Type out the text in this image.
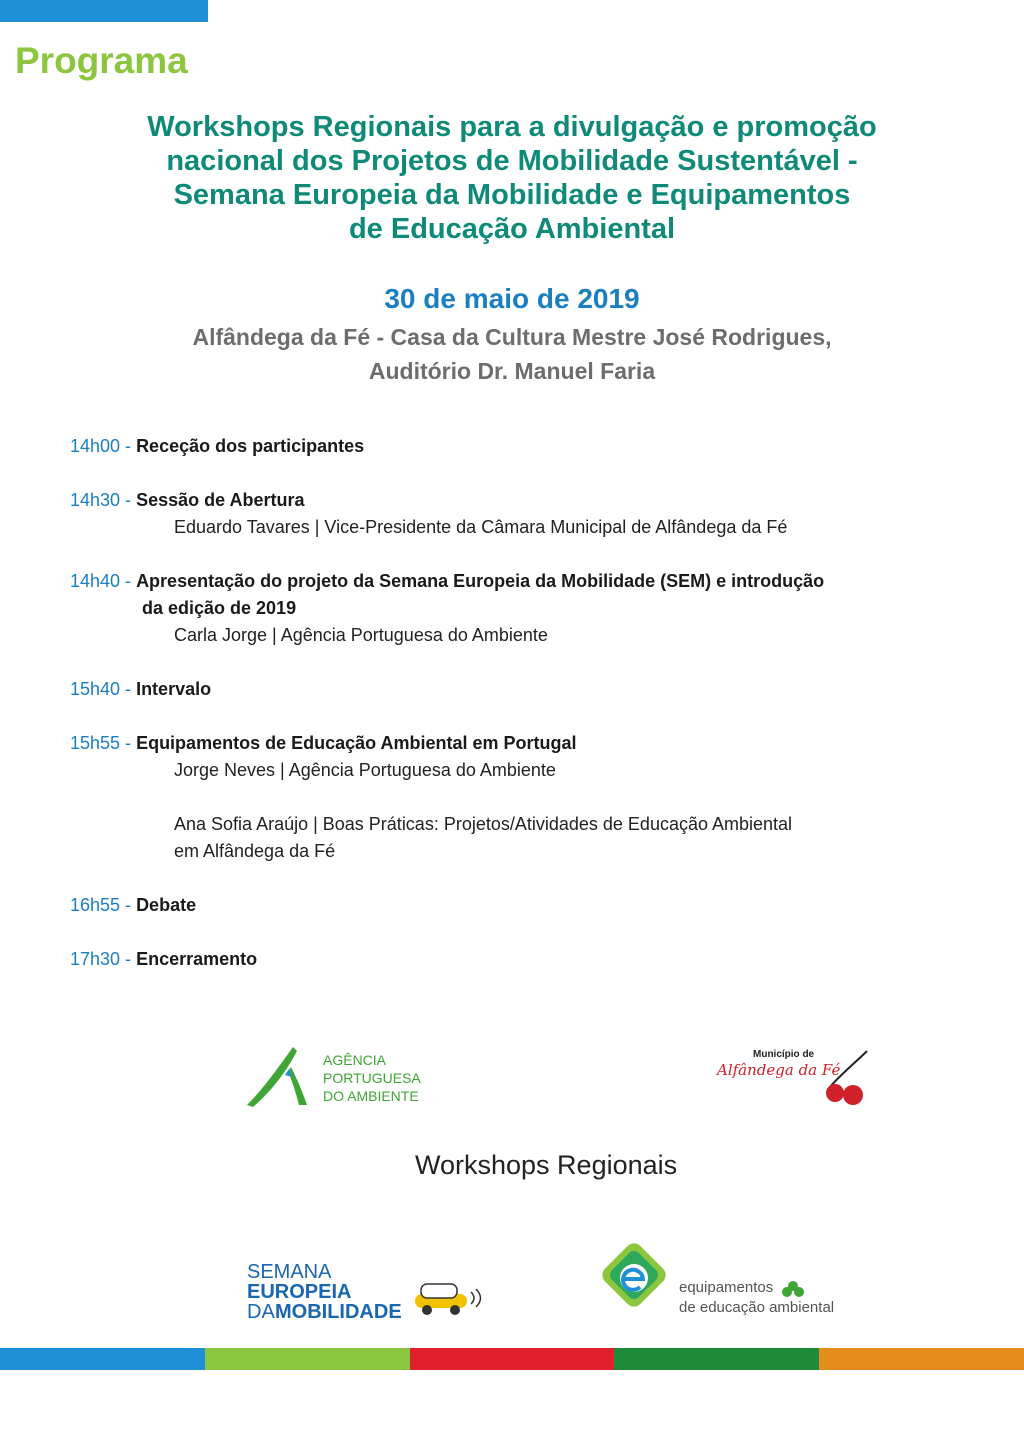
Programa
Workshops Regionais para a divulgação e promoção
nacional dos Projetos de Mobilidade Sustentável -
Semana Europeia da Mobilidade e Equipamentos
de Educação Ambiental
30 de maio de 2019
Alfândega da Fé - Casa da Cultura Mestre José Rodrigues,
Auditório Dr. Manuel Faria
14h00 - Receção dos participantes
14h30 - Sessão de Abertura
Eduardo Tavares | Vice-Presidente da Câmara Municipal de Alfândega da Fé
14h40 - Apresentação do projeto da Semana Europeia da Mobilidade (SEM) e introdução
da edição de 2019
Carla Jorge | Agência Portuguesa do Ambiente
15h40 - Intervalo
15h55 - Equipamentos de Educação Ambiental em Portugal
Jorge Neves | Agência Portuguesa do Ambiente
Ana Sofia Araújo | Boas Práticas: Projetos/Atividades de Educação Ambiental
em Alfândega da Fé
16h55 - Debate
17h30 - Encerramento
AGÊNCIA
PORTUGUESA
DO AMBIENTE
Município de
Alfândega da Fé
Workshops Regionais
SEMANA
EUROPEIA
DA MOBILIDADE
equipamentos
de educação ambiental
